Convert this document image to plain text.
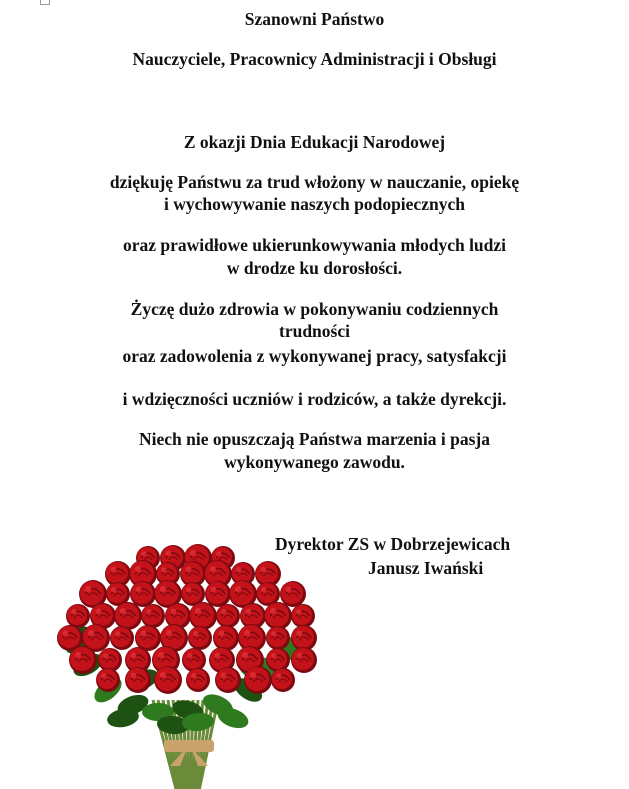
Szanowni Państwo
Nauczyciele, Pracownicy Administracji i Obsługi
Z okazji Dnia Edukacji Narodowej
dziękuję Państwu za trud włożony w nauczanie, opiekę
i wychowywanie naszych podopiecznych
oraz prawidłowe ukierunkowywania młodych ludzi
w drodze ku dorosłości.
Życzę dużo zdrowia w pokonywaniu codziennych
trudności
oraz zadowolenia z wykonywanej pracy, satysfakcji
i wdzięczności uczniów i rodziców, a także dyrekcji.
Niech nie opuszczają Państwa marzenia i pasja
wykonywanego zawodu.
Dyrektor ZS w Dobrzejewicach
Janusz Iwański
